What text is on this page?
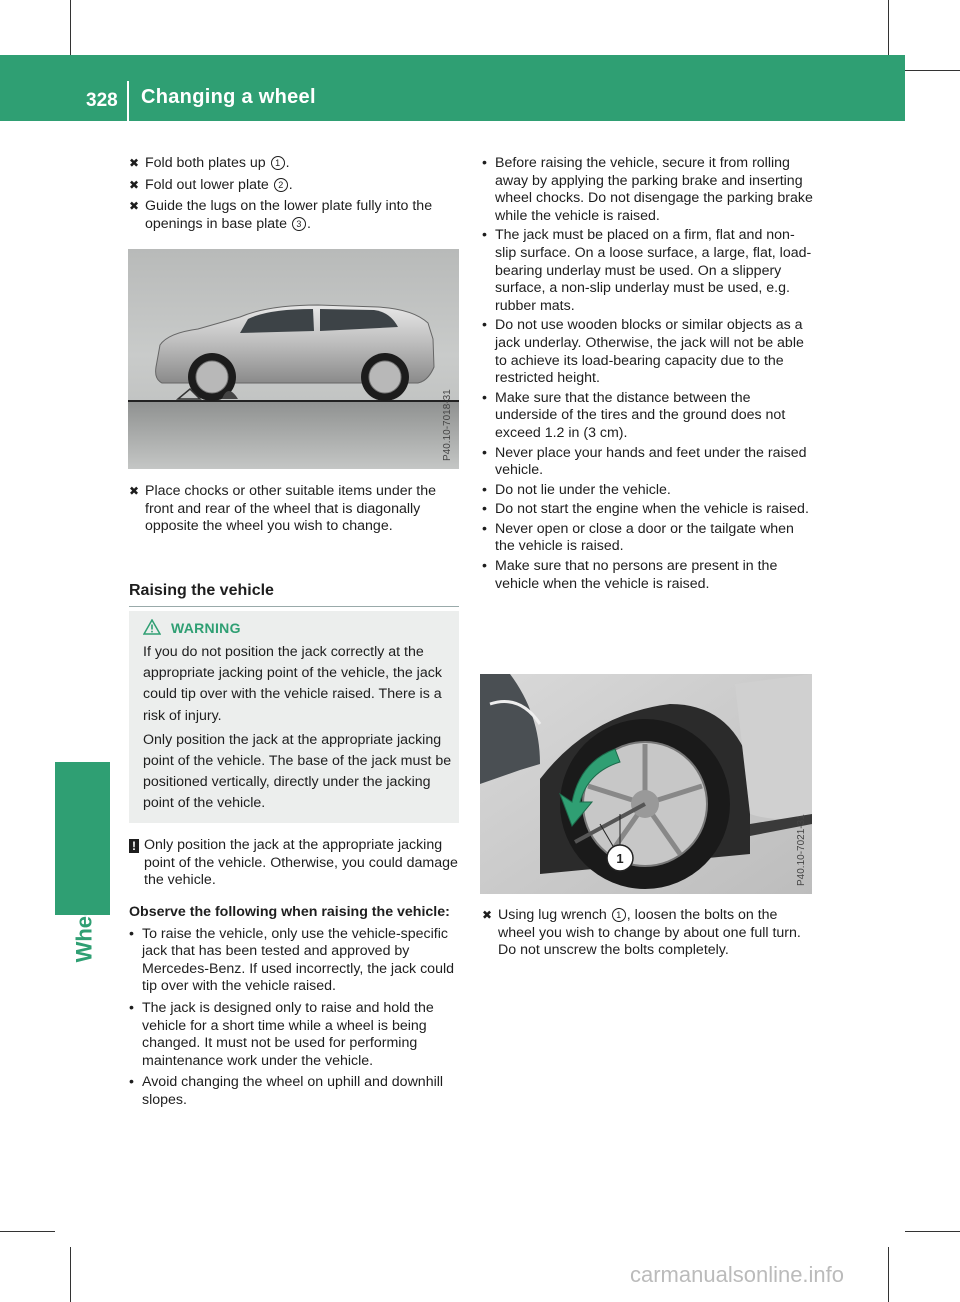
328	Changing a wheel
✖ Fold both plates up 1 .
✖ Fold out lower plate 2 .
✖ Guide the lugs on the lower plate fully into the openings in base plate 3 .
P40.10-7018-31
✖ Place chocks or other suitable items under the front and rear of the wheel that is diagonally opposite the wheel you wish to change.
Raising the vehicle
WARNING

If you do not position the jack correctly at the appropriate jacking point of the vehicle, the jack could tip over with the vehicle raised. There is a risk of injury.

Only position the jack at the appropriate jacking point of the vehicle. The base of the jack must be positioned vertically, directly under the jacking point of the vehicle.

! Only position the jack at the appropriate jacking point of the vehicle. Otherwise, you could damage the vehicle.
Observe the following when raising the vehicle:
• To raise the vehicle, only use the vehicle-specific jack that has been tested and approved by Mercedes-Benz. If used incorrectly, the jack could tip over with the vehicle raised.
• The jack is designed only to raise and hold the vehicle for a short time while a wheel is being changed. It must not be used for performing maintenance work under the vehicle.
• Avoid changing the wheel on uphill and downhill slopes.
• Before raising the vehicle, secure it from rolling away by applying the parking brake and inserting wheel chocks. Do not disengage the parking brake while the vehicle is raised.
• The jack must be placed on a firm, flat and non-slip surface. On a loose surface, a large, flat, load-bearing underlay must be used. On a slippery surface, a non-slip underlay must be used, e.g. rubber mats.
• Do not use wooden blocks or similar objects as a jack underlay. Otherwise, the jack will not be able to achieve its load-bearing capacity due to the restricted height.
• Make sure that the distance between the underside of the tires and the ground does not exceed 1.2 in (3 cm).
• Never place your hands and feet under the raised vehicle.
• Do not lie under the vehicle.
• Do not start the engine when the vehicle is raised.
• Never open or close a door or the tailgate when the vehicle is raised.
• Make sure that no persons are present in the vehicle when the vehicle is raised.
1	P40.10-7021-31
✖ Using lug wrench 1 , loosen the bolts on the wheel you wish to change by about one full turn. Do not unscrew the bolts completely.
carmanualsonline.info
